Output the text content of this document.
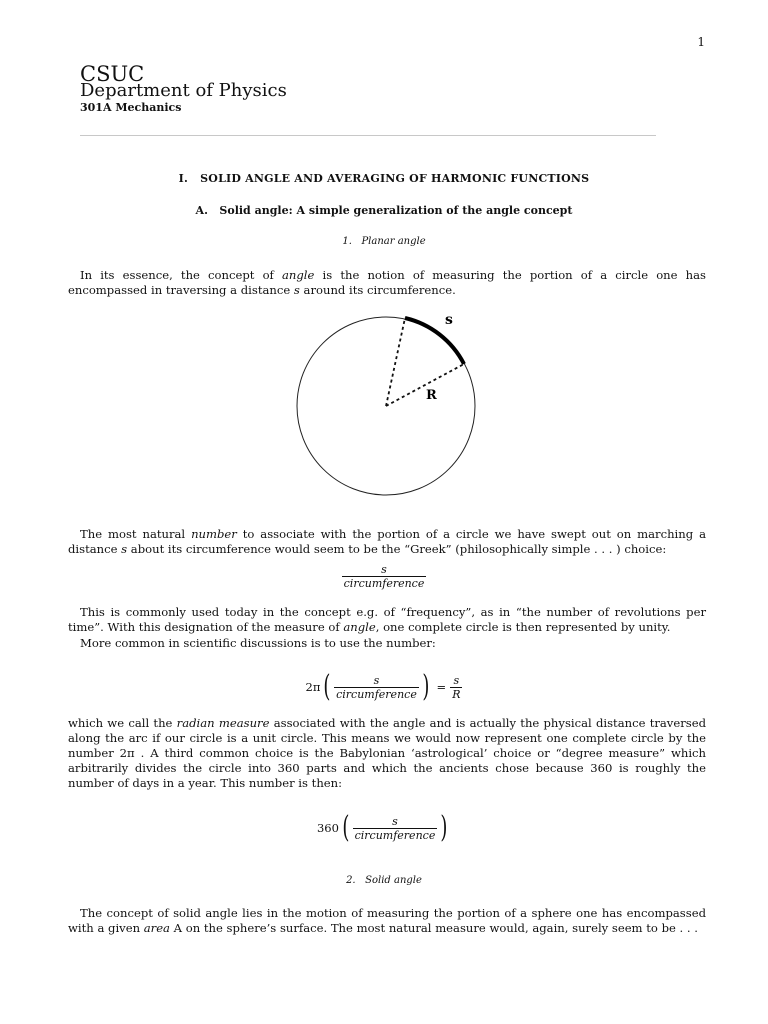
1
CSUC
Department of Physics
301A Mechanics
I. SOLID ANGLE AND AVERAGING OF HARMONIC FUNCTIONS
A. Solid angle: A simple generalization of the angle concept
1. Planar angle
In its essence, the concept of angle is the notion of measuring the portion of a circle one has encompassed in traversing a distance s around its circumference.
s
R
The most natural number to associate with the portion of a circle we have swept out on marching a distance s about its circumference would seem to be the “Greek” (philosophically simple . . . ) choice:
$\frac{s}{\text{circumference}}$
This is commonly used today in the concept e.g. of “frequency”, as in “the number of revolutions per time”. With this designation of the measure of angle, one complete circle is then represented by unity.
More common in scientific discussions is to use the number:
2π ( $\frac{s}{\text{circumference}}$ ) = $\frac{s}{R}$
which we call the radian measure associated with the angle and is actually the physical distance traversed along the arc if our circle is a unit circle. This means we would now represent one complete circle by the number 2π . A third common choice is the Babylonian ‘astrological’ choice or “degree measure” which arbitrarily divides the circle into 360 parts and which the ancients chose because 360 is roughly the number of days in a year. This number is then:
360 ( $\frac{s}{\text{circumference}}$ )
2. Solid angle
The concept of solid angle lies in the motion of measuring the portion of a sphere one has encompassed with a given area A on the sphere’s surface. The most natural measure would, again, surely seem to be . . .
